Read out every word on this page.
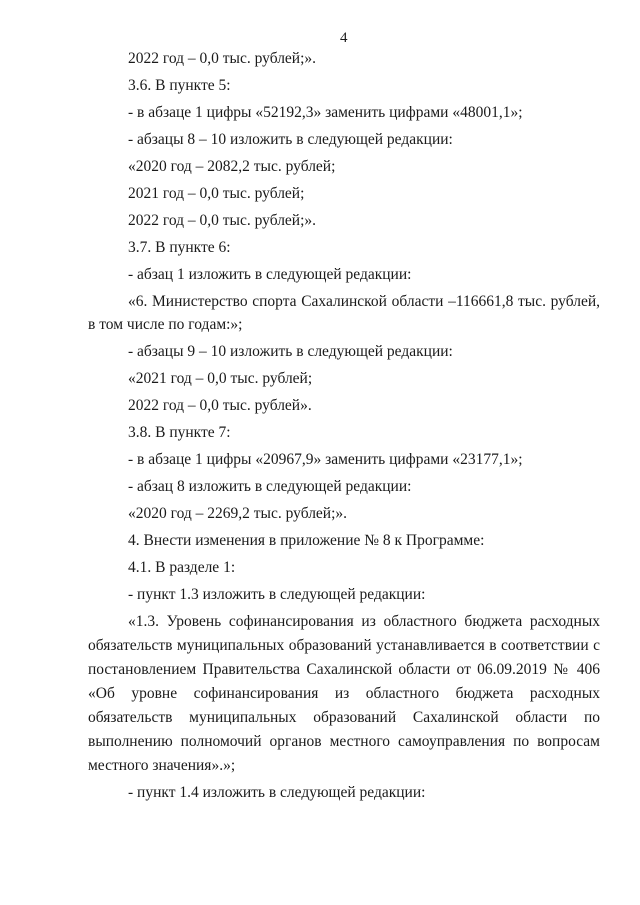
4
2022 год – 0,0 тыс. рублей;».
3.6. В пункте 5:
- в абзаце 1 цифры «52192,3» заменить цифрами «48001,1»;
- абзацы 8 – 10 изложить в следующей редакции:
«2020 год – 2082,2 тыс. рублей;
2021 год – 0,0 тыс. рублей;
2022 год – 0,0 тыс. рублей;».
3.7. В пункте 6:
- абзац 1 изложить в следующей редакции:
«6. Министерство спорта Сахалинской области –116661,8 тыс. рублей,
в том числе по годам:»;
- абзацы 9 – 10 изложить в следующей редакции:
«2021 год – 0,0 тыс. рублей;
2022 год – 0,0 тыс. рублей».
3.8. В пункте 7:
- в абзаце 1 цифры «20967,9» заменить цифрами «23177,1»;
- абзац 8 изложить в следующей редакции:
«2020 год – 2269,2 тыс. рублей;».
4. Внести изменения в приложение № 8 к Программе:
4.1. В разделе 1:
- пункт 1.3 изложить в следующей редакции:
«1.3. Уровень софинансирования из областного бюджета расходных
обязательств муниципальных образований устанавливается в соответствии с
постановлением Правительства Сахалинской области от 06.09.2019 № 406
«Об уровне софинансирования из областного бюджета расходных
обязательств муниципальных образований Сахалинской области по
выполнению полномочий органов местного самоуправления по вопросам
местного значения».»;
- пункт 1.4 изложить в следующей редакции:
